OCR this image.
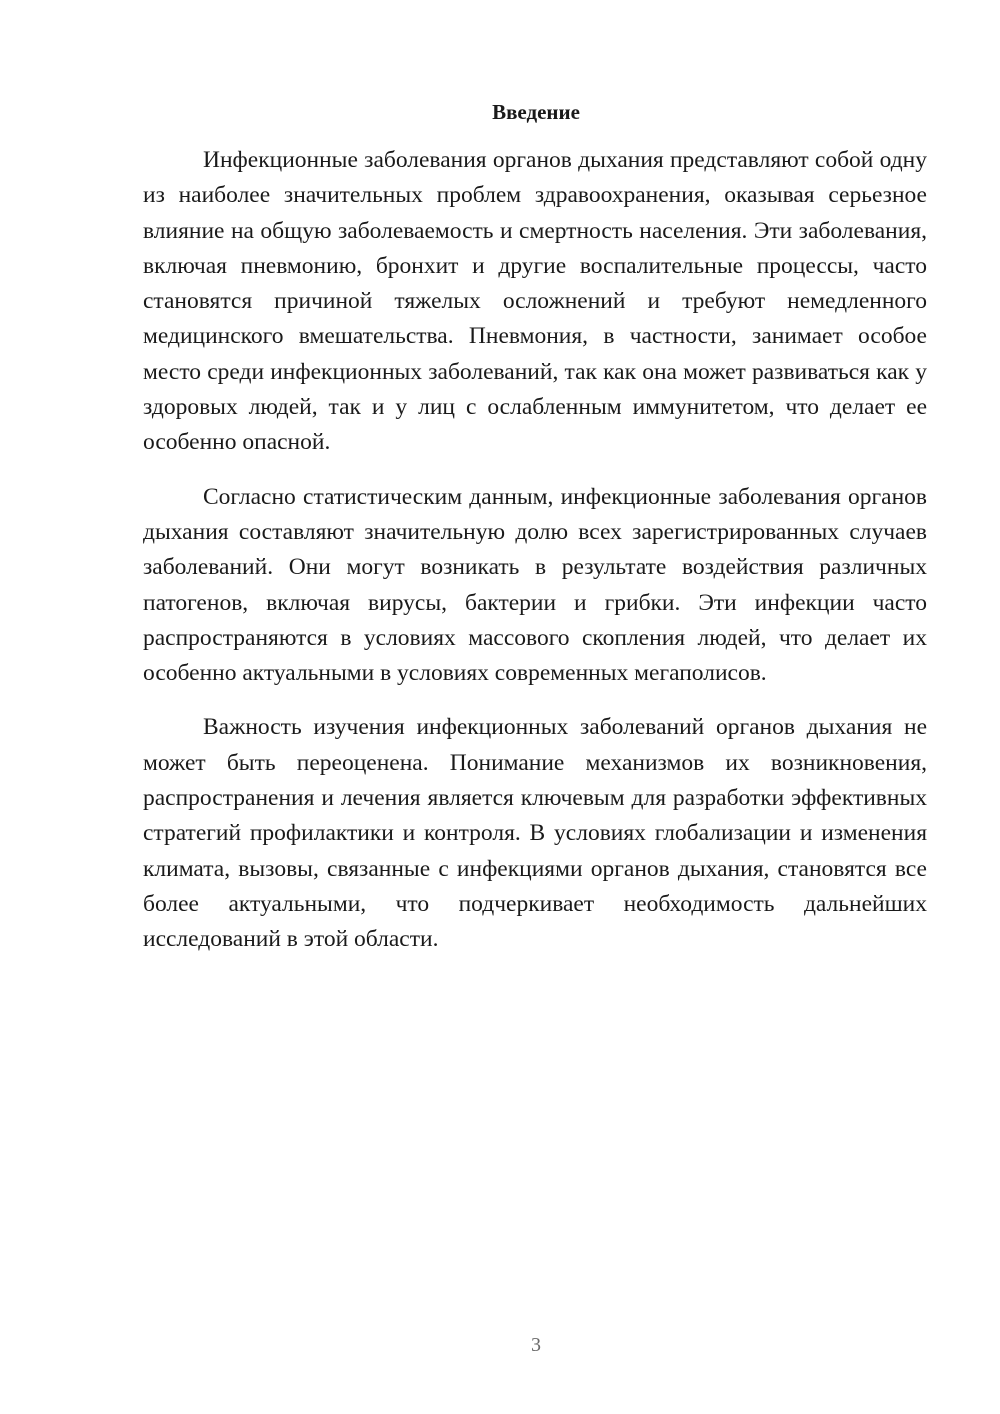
Введение

Инфекционные заболевания органов дыхания представляют собой одну из наиболее значительных проблем здравоохранения, оказывая серьезное влияние на общую заболеваемость и смертность населения. Эти заболевания, включая пневмонию, бронхит и другие воспалительные процессы, часто становятся причиной тяжелых осложнений и требуют немедленного медицинского вмешательства. Пневмония, в частности, занимает особое место среди инфекционных заболеваний, так как она может развиваться как у здоровых людей, так и у лиц с ослабленным иммунитетом, что делает ее особенно опасной.

Согласно статистическим данным, инфекционные заболевания органов дыхания составляют значительную долю всех зарегистрированных случаев заболеваний. Они могут возникать в результате воздействия различных патогенов, включая вирусы, бактерии и грибки. Эти инфекции часто распространяются в условиях массового скопления людей, что делает их особенно актуальными в условиях современных мегаполисов.

Важность изучения инфекционных заболеваний органов дыхания не может быть переоценена. Понимание механизмов их возникновения, распространения и лечения является ключевым для разработки эффективных стратегий профилактики и контроля. В условиях глобализации и изменения климата, вызовы, связанные с инфекциями органов дыхания, становятся все более актуальными, что подчеркивает необходимость дальнейших исследований в этой области.

3
